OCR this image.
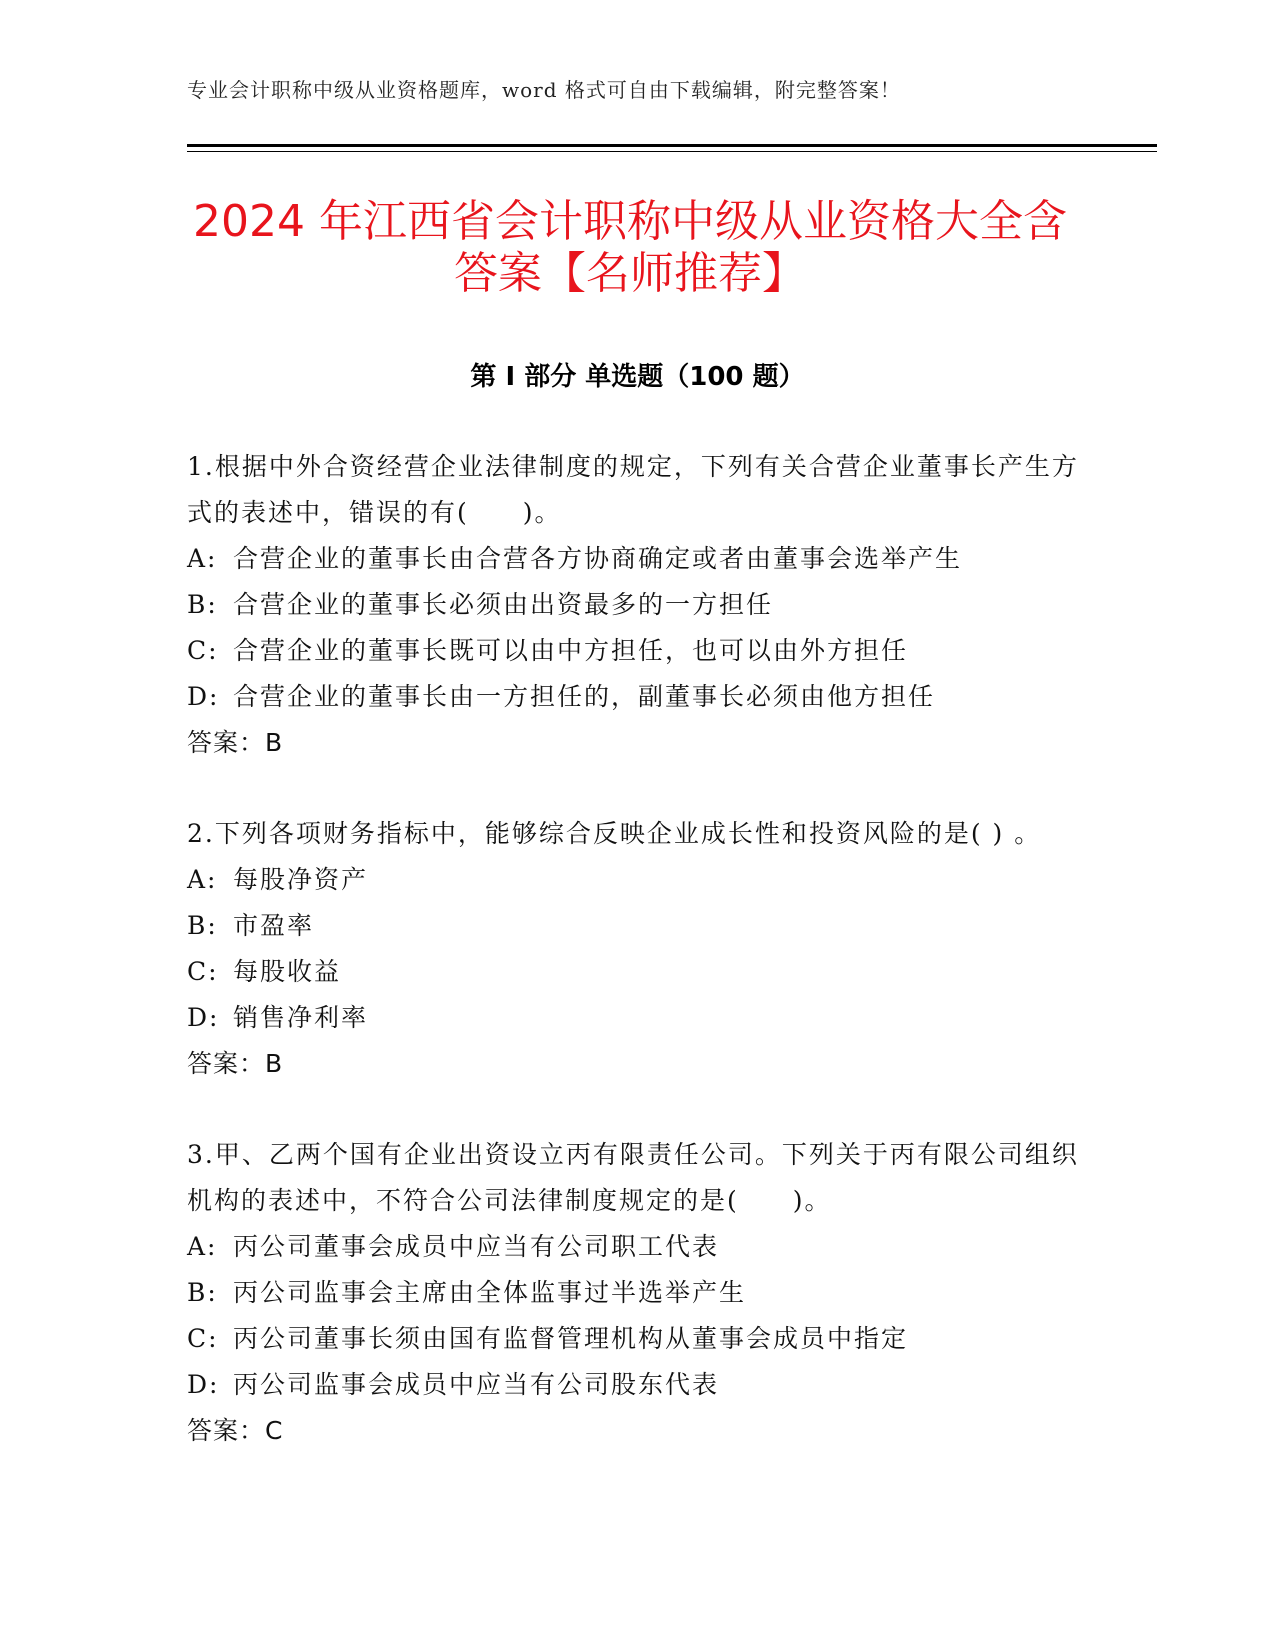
专业会计职称中级从业资格题库，word 格式可自由下载编辑，附完整答案！
2024 年江西省会计职称中级从业资格大全含答案【名师推荐】
第 I 部分 单选题（100 题）

1.根据中外合资经营企业法律制度的规定，下列有关合营企业董事长产生方式的表述中，错误的有(　　)。

A: 合营企业的董事长由合营各方协商确定或者由董事会选举产生
B: 合营企业的董事长必须由出资最多的一方担任
C: 合营企业的董事长既可以由中方担任，也可以由外方担任
D: 合营企业的董事长由一方担任的，副董事长必须由他方担任

答案：B

2.下列各项财务指标中，能够综合反映企业成长性和投资风险的是( ) 。

A: 每股净资产
B: 市盈率
C: 每股收益
D: 销售净利率

答案：B

3.甲、乙两个国有企业出资设立丙有限责任公司。下列关于丙有限公司组织机构的表述中，不符合公司法律制度规定的是(　　)。

A: 丙公司董事会成员中应当有公司职工代表
B: 丙公司监事会主席由全体监事过半选举产生
C: 丙公司董事长须由国有监督管理机构从董事会成员中指定
D: 丙公司监事会成员中应当有公司股东代表

答案：C
